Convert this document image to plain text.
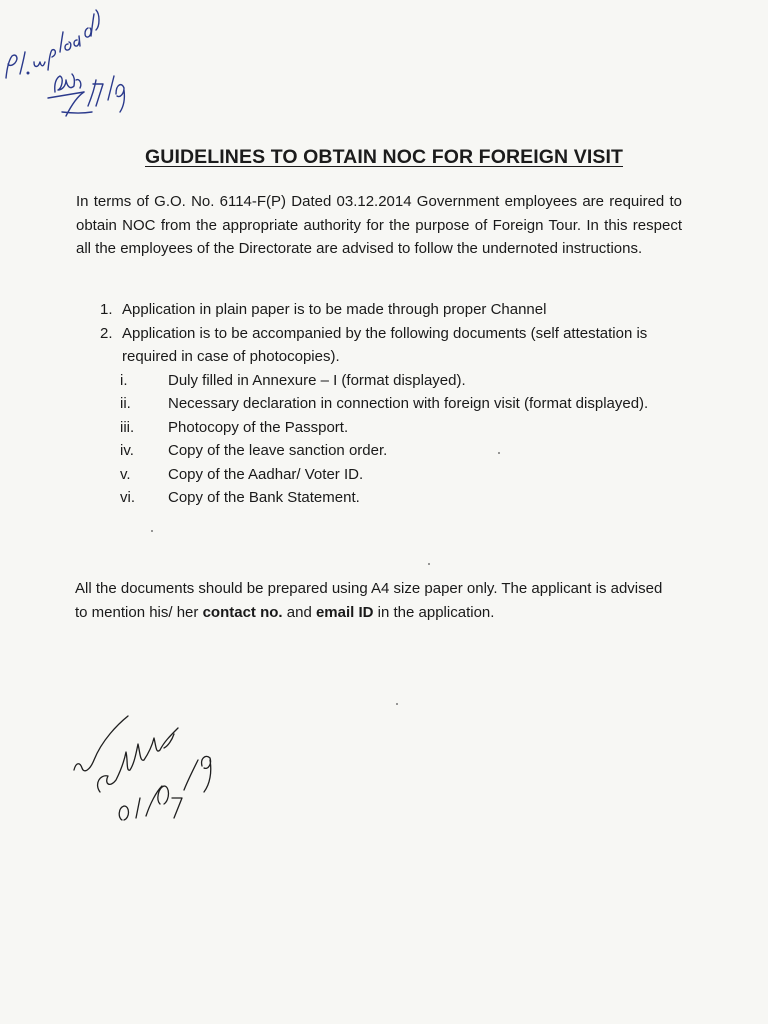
GUIDELINES TO OBTAIN NOC FOR FOREIGN VISIT
In terms of G.O. No. 6114-F(P) Dated 03.12.2014 Government employees are required to obtain NOC from the appropriate authority for the purpose of Foreign Tour. In this respect all the employees of the Directorate are advised to follow the undernoted instructions.
1. Application in plain paper is to be made through proper Channel
2. Application is to be accompanied by the following documents (self attestation is required in case of photocopies).
i.	Duly filled in Annexure – I (format displayed).
ii.	Necessary declaration in connection with foreign visit (format displayed).
iii.	Photocopy of the Passport.
iv.	Copy of the leave sanction order.
v.	Copy of the Aadhar/ Voter ID.
vi.	Copy of the Bank Statement.
All the documents should be prepared using A4 size paper only. The applicant is advised to mention his/ her contact no. and email ID in the application.
